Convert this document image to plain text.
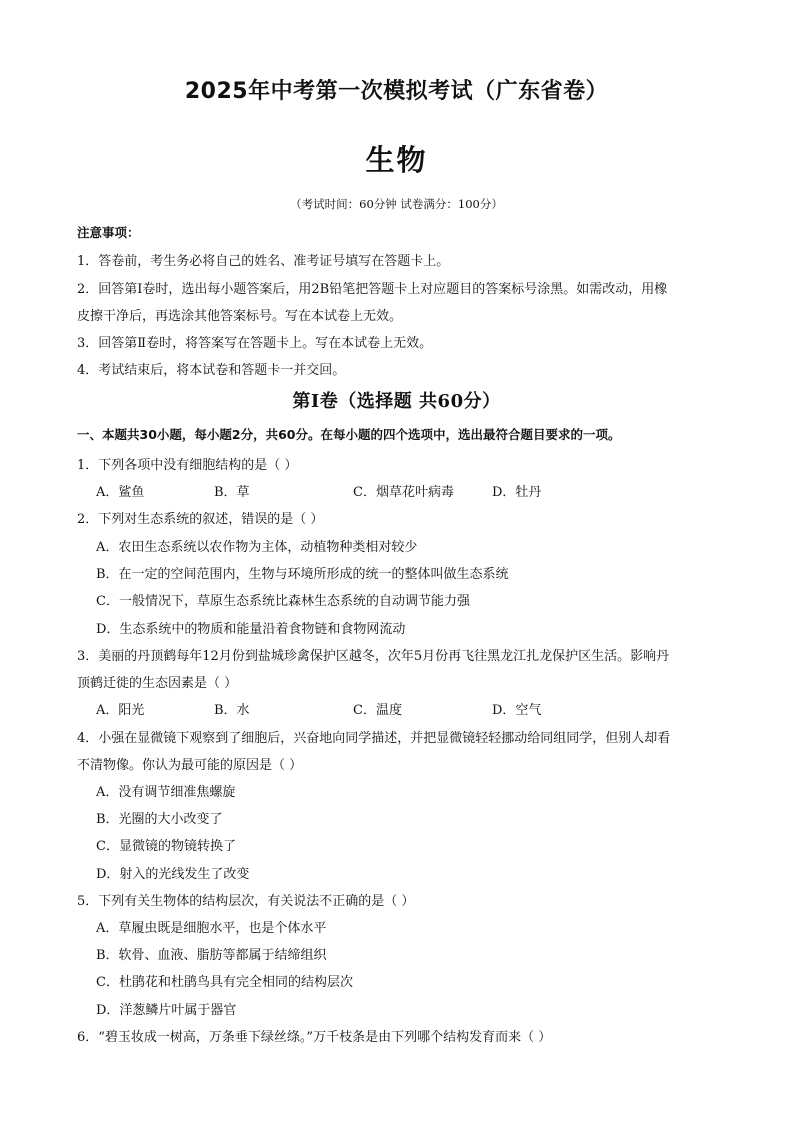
2025年中考第一次模拟考试（广东省卷）
生物
（考试时间：60分钟 试卷满分：100分）
注意事项：
1．答卷前，考生务必将自己的姓名、准考证号填写在答题卡上。
2．回答第Ⅰ卷时，选出每小题答案后，用2B铅笔把答题卡上对应题目的答案标号涂黑。如需改动，用橡
皮擦干净后，再选涂其他答案标号。写在本试卷上无效。
3．回答第Ⅱ卷时，将答案写在答题卡上。写在本试卷上无效。
4．考试结束后，将本试卷和答题卡一并交回。
第Ⅰ卷（选择题 共60分）
一、本题共30小题，每小题2分，共60分。在每小题的四个选项中，选出最符合题目要求的一项。
1．下列各项中没有细胞结构的是（ ）
A．鲨鱼	B．草	C．烟草花叶病毒	D．牡丹
2．下列对生态系统的叙述，错误的是（ ）
A．农田生态系统以农作物为主体，动植物种类相对较少
B．在一定的空间范围内，生物与环境所形成的统一的整体叫做生态系统
C．一般情况下，草原生态系统比森林生态系统的自动调节能力强
D．生态系统中的物质和能量沿着食物链和食物网流动
3．美丽的丹顶鹤每年12月份到盐城珍禽保护区越冬，次年5月份再飞往黑龙江扎龙保护区生活。影响丹
顶鹤迁徙的生态因素是（ ）
A．阳光	B．水	C．温度	D．空气
4．小强在显微镜下观察到了细胞后，兴奋地向同学描述，并把显微镜轻轻挪动给同组同学，但别人却看
不清物像。你认为最可能的原因是（ ）
A．没有调节细准焦螺旋
B．光圈的大小改变了
C．显微镜的物镜转换了
D．射入的光线发生了改变
5．下列有关生物体的结构层次，有关说法不正确的是（ ）
A．草履虫既是细胞水平，也是个体水平
B．软骨、血液、脂肪等都属于结缔组织
C．杜鹃花和杜鹃鸟具有完全相同的结构层次
D．洋葱鳞片叶属于器官
6．“碧玉妆成一树高，万条垂下绿丝绦。”万千枝条是由下列哪个结构发育而来（ ）
